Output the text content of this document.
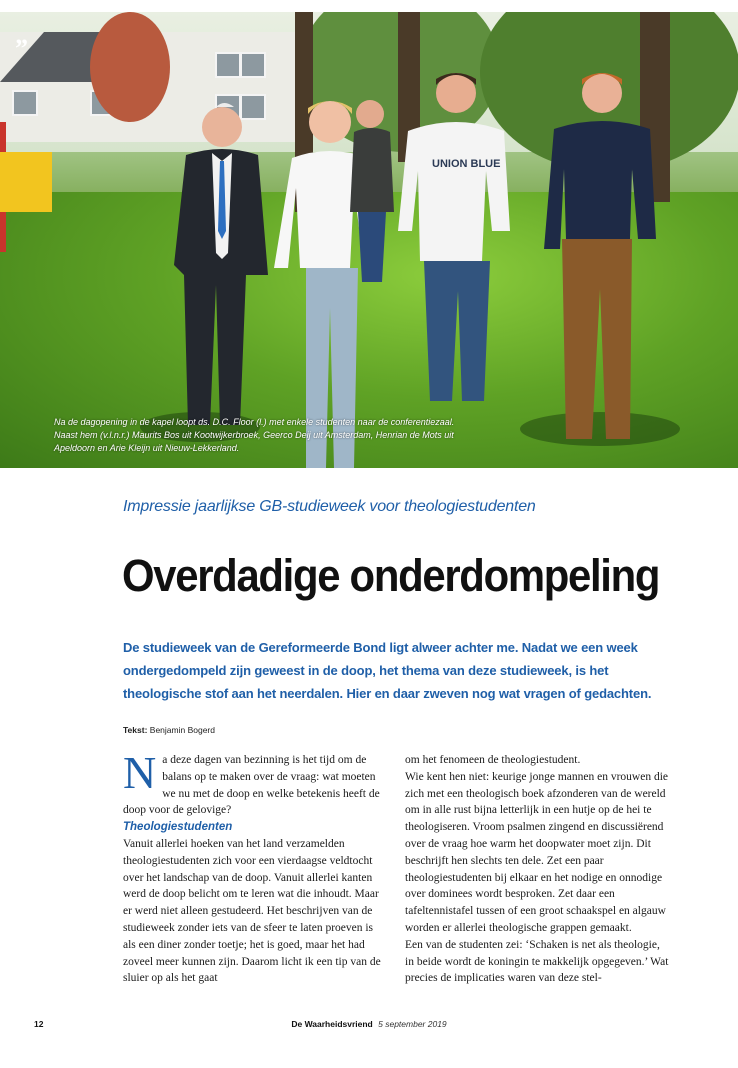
UNION BLUE
”
Na de dagopening in de kapel loopt ds. D.C. Floor (l.) met enkele studenten naar de conferentiezaal.
Naast hem (v.l.n.r.) Maurits Bos uit Kootwijkerbroek, Geerco Deij uit Amsterdam, Henrian de Mots uit
Apeldoorn en Arie Kleijn uit Nieuw-Lekkerland.
Impressie jaarlijkse GB-studieweek voor theologiestudenten
Overdadige onderdompeling
De studieweek van de Gereformeerde Bond ligt alweer achter me. Nadat we een week ondergedompeld zijn geweest in de doop, het thema van deze studieweek, is het theologische stof aan het neerdalen. Hier en daar zweven nog wat vragen of gedachten.
Tekst: Benjamin Bogerd

Na deze dagen van bezinning is het tijd om de balans op te maken over de vraag: wat moeten we nu met de doop en welke betekenis heeft de doop voor de gelovige?

Theologiestudenten

Vanuit allerlei hoeken van het land verzamelden theologiestudenten zich voor een vierdaagse veldtocht over het landschap van de doop. Vanuit allerlei kanten werd de doop belicht om te leren wat die inhoudt. Maar er werd niet alleen gestudeerd. Het beschrijven van de studieweek zonder iets van de sfeer te laten proeven is als een diner zonder toetje; het is goed, maar het had zoveel meer kunnen zijn. Daarom licht ik een tip van de sluier op als het gaat

om het fenomeen de theologiestudent.

Wie kent hen niet: keurige jonge mannen en vrouwen die zich met een theologisch boek afzonderen van de wereld om in alle rust bijna letterlijk in een hutje op de hei te theologiseren. Vroom psalmen zingend en discussiërend over de vraag hoe warm het doopwater moet zijn. Dit beschrijft hen slechts ten dele. Zet een paar theologiestudenten bij elkaar en het nodige en onnodige over dominees wordt besproken. Zet daar een tafeltennistafel tussen of een groot schaakspel en algauw worden er allerlei theologische grappen gemaakt.

Een van de studenten zei: ‘Schaken is net als theologie, in beide wordt de koningin te makkelijk opgegeven.’ Wat precies de implicaties waren van deze stel-

12	De Waarheidsvriend 5 september 2019
